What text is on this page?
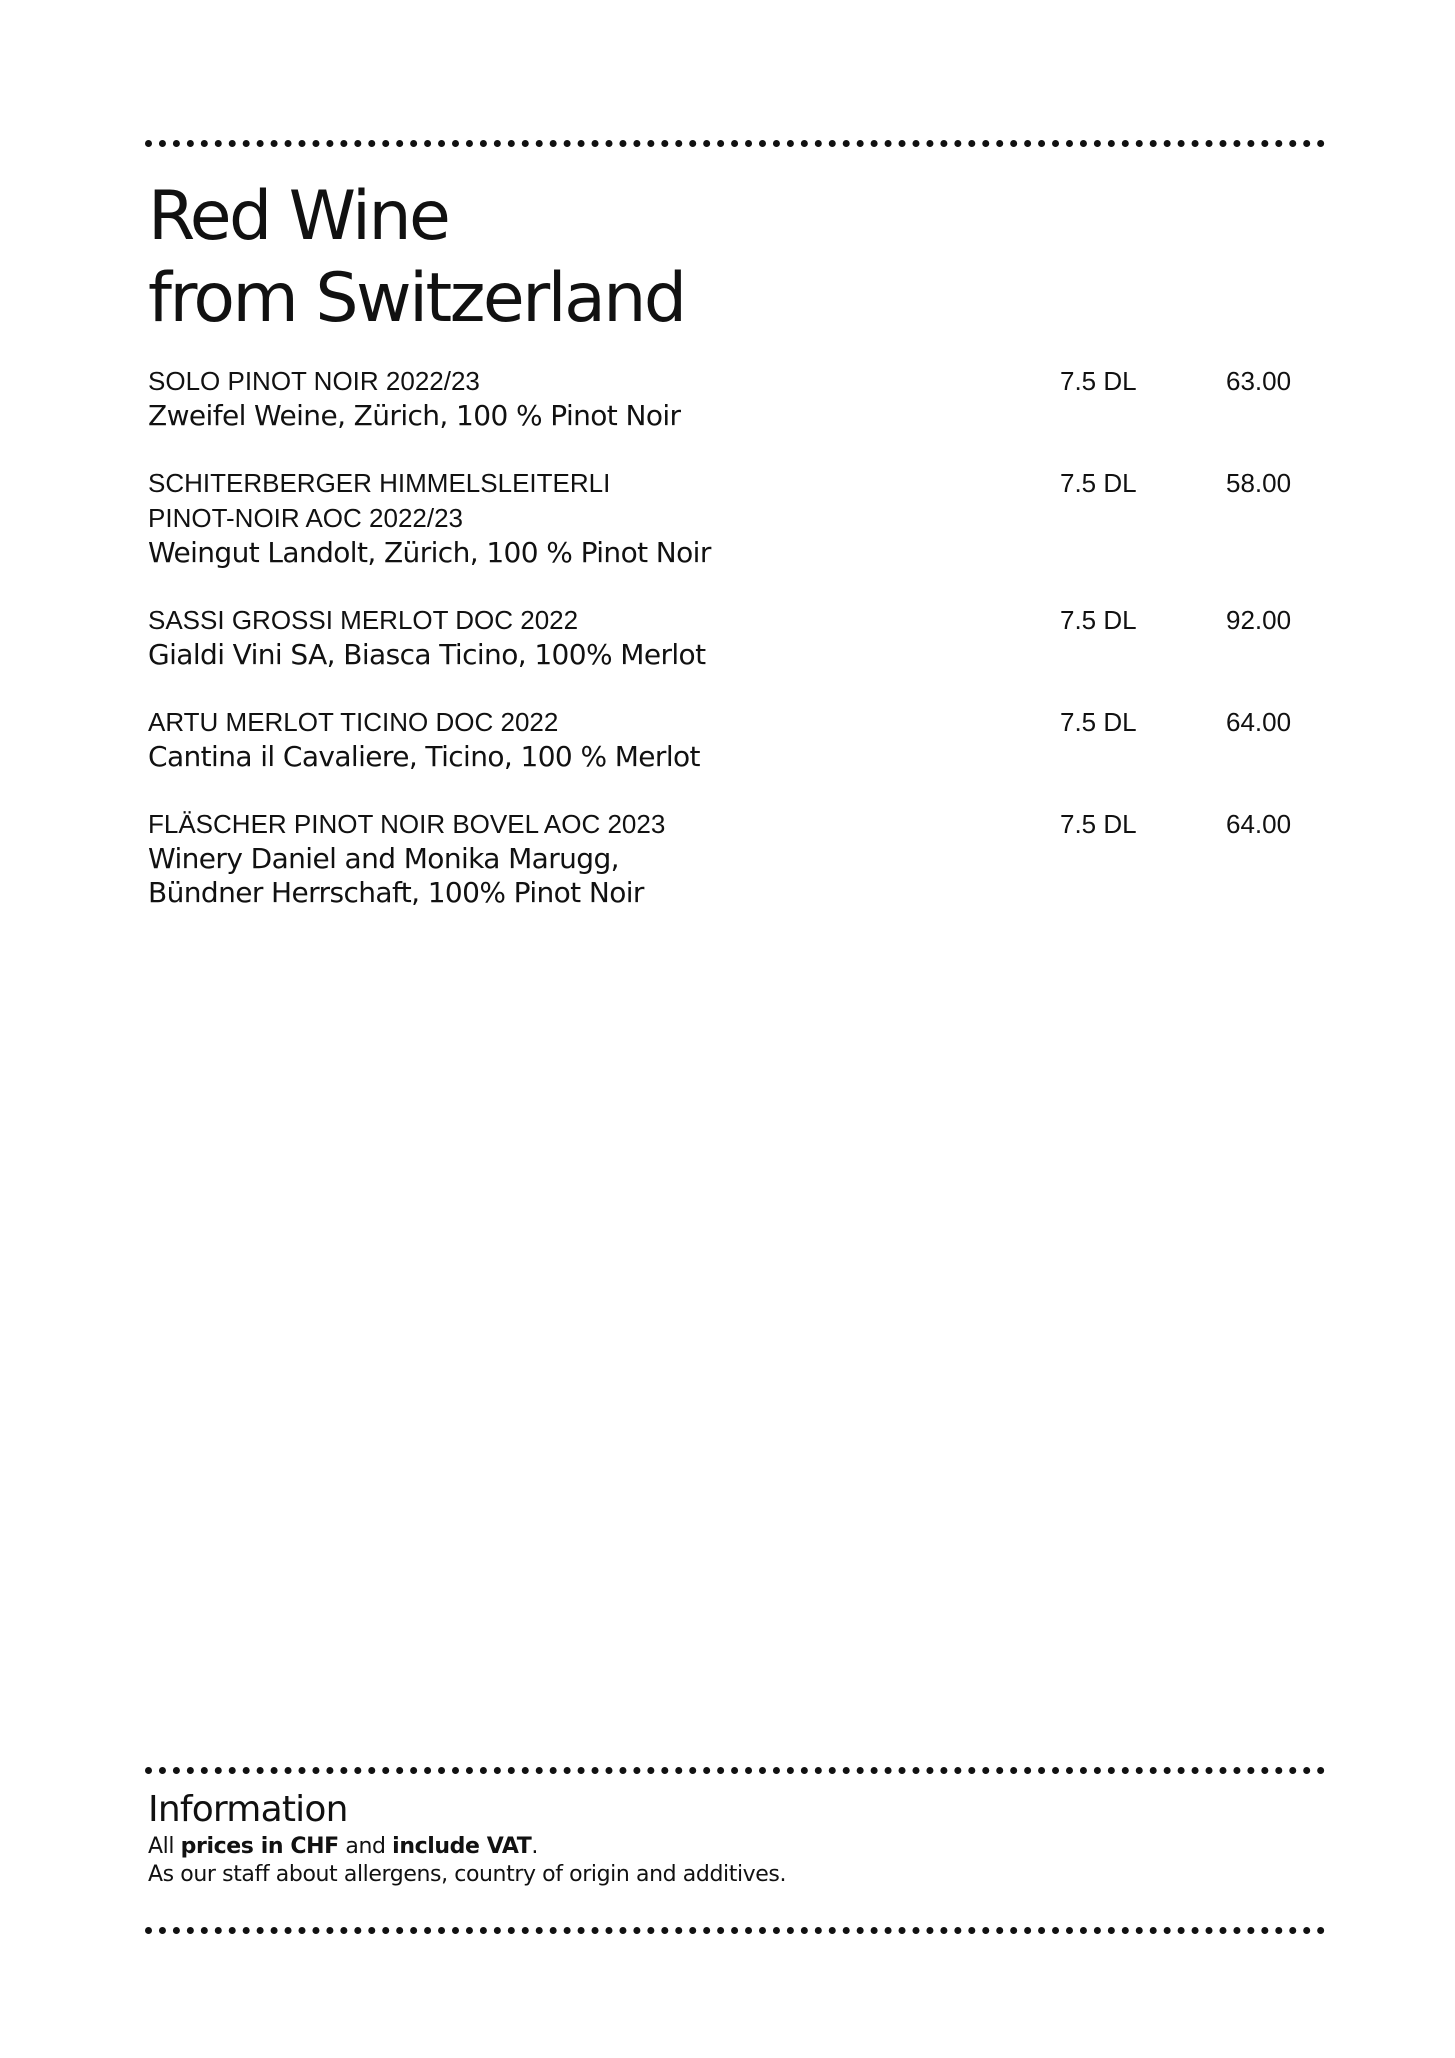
Red Wine
from Switzerland
SOLO PINOT NOIR 2022/23
Zweifel Weine, Zürich, 100 % Pinot Noir
7.5 DL	63.00
SCHITERBERGER HIMMELSLEITERLI
PINOT-NOIR AOC 2022/23
Weingut Landolt, Zürich, 100 % Pinot Noir
7.5 DL	58.00
SASSI GROSSI MERLOT DOC 2022
Gialdi Vini SA, Biasca Ticino, 100% Merlot
7.5 DL	92.00
ARTU MERLOT TICINO DOC 2022
Cantina il Cavaliere, Ticino, 100 % Merlot
7.5 DL	64.00
FLÄSCHER PINOT NOIR BOVEL AOC 2023
Winery Daniel and Monika Marugg,
Bündner Herrschaft, 100% Pinot Noir
7.5 DL	64.00
Information
All prices in CHF and include VAT.
As our staff about allergens, country of origin and additives.
